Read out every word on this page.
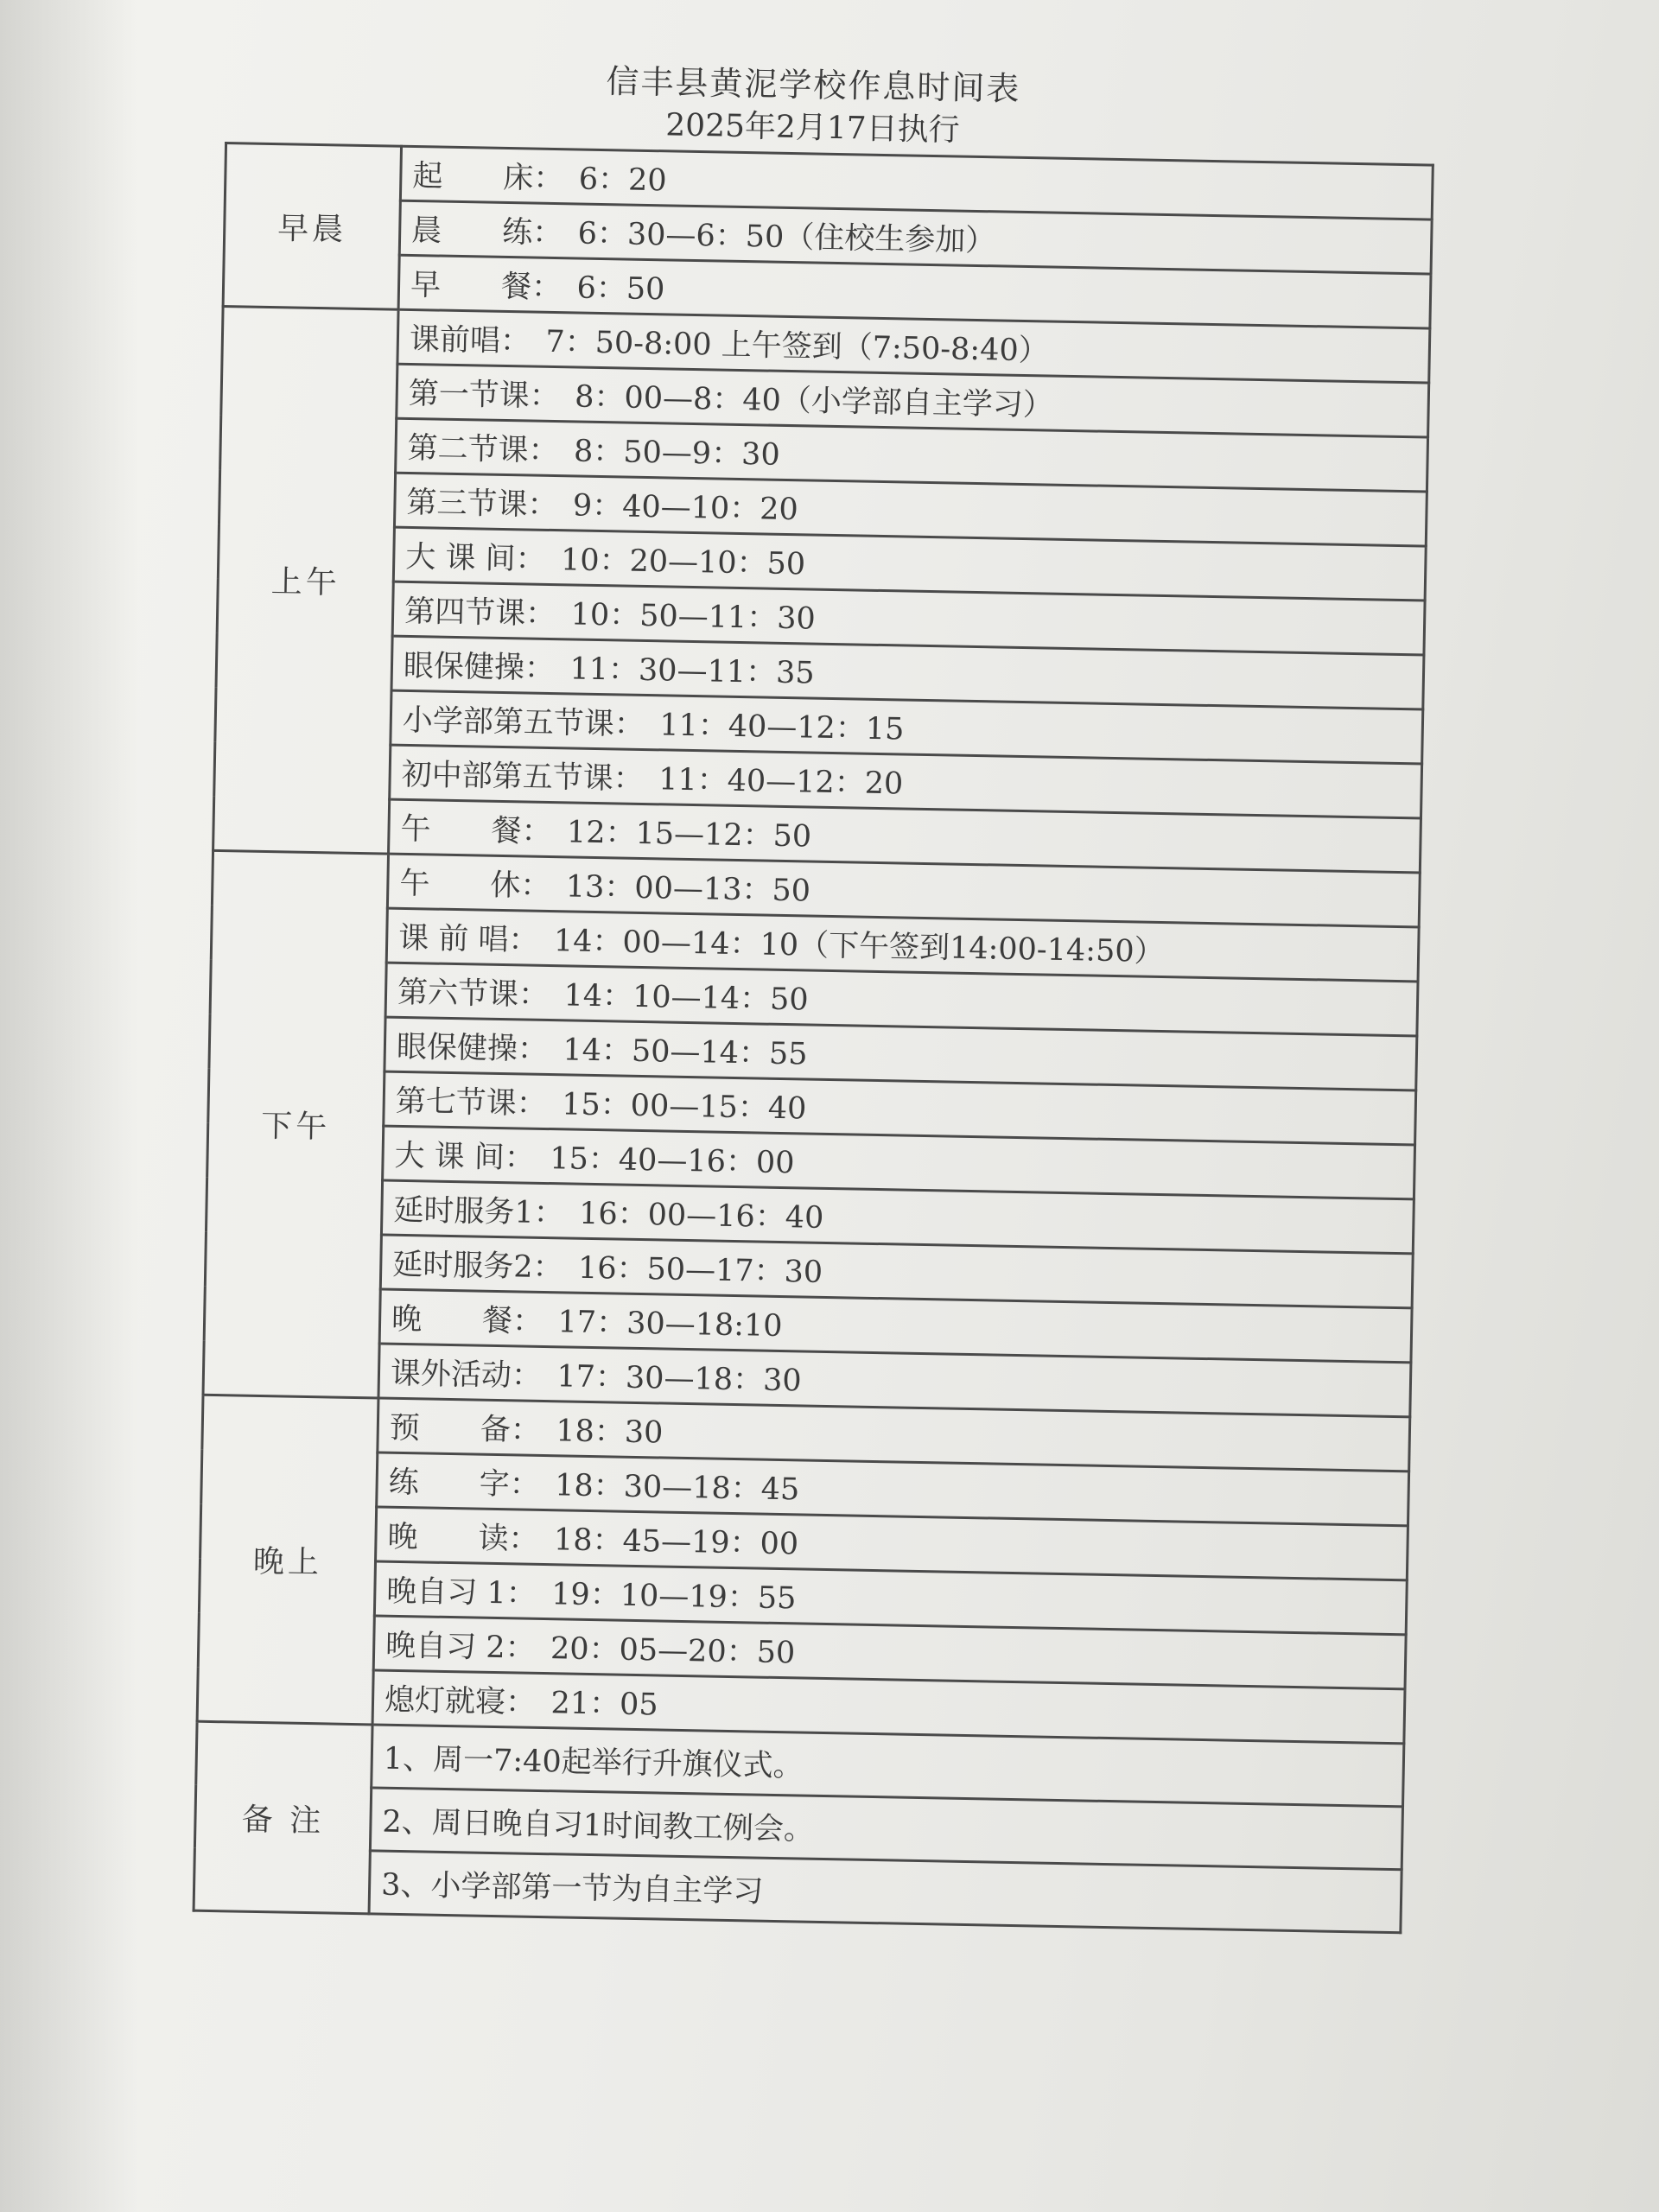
信丰县黄泥学校作息时间表
2025年2月17日执行
早晨	起　　床：　6：20
	晨　　练：　6：30—6：50（住校生参加）
	早　　餐：　6：50
上午	课前唱：　7：50-8:00 上午签到（7:50-8:40）
	第一节课：　8：00—8：40（小学部自主学习）
	第二节课：　8：50—9：30
	第三节课：　9：40—10：20
	大 课 间：　10：20—10：50
	第四节课：　10：50—11：30
	眼保健操：　11：30—11：35
	小学部第五节课：　11：40—12：15
	初中部第五节课：　11：40—12：20
	午　　餐：　12：15—12：50
下午	午　　休：　13：00—13：50
	课 前 唱：　14：00—14：10（下午签到14:00-14:50）
	第六节课：　14：10—14：50
	眼保健操：　14：50—14：55
	第七节课：　15：00—15：40
	大 课 间：　15：40—16：00
	延时服务1：　16：00—16：40
	延时服务2：　16：50—17：30
	晚　　餐：　17：30—18:10
	课外活动：　17：30—18：30
晚上	预　　备：　18：30
	练　　字：　18：30—18：45
	晚　　读：　18：45—19：00
	晚自习 1：　19：10—19：55
	晚自习 2：　20：05—20：50
	熄灯就寝：　21：05
备 注	1、周一7:40起举行升旗仪式。
	2、周日晚自习1时间教工例会。
	3、小学部第一节为自主学习
